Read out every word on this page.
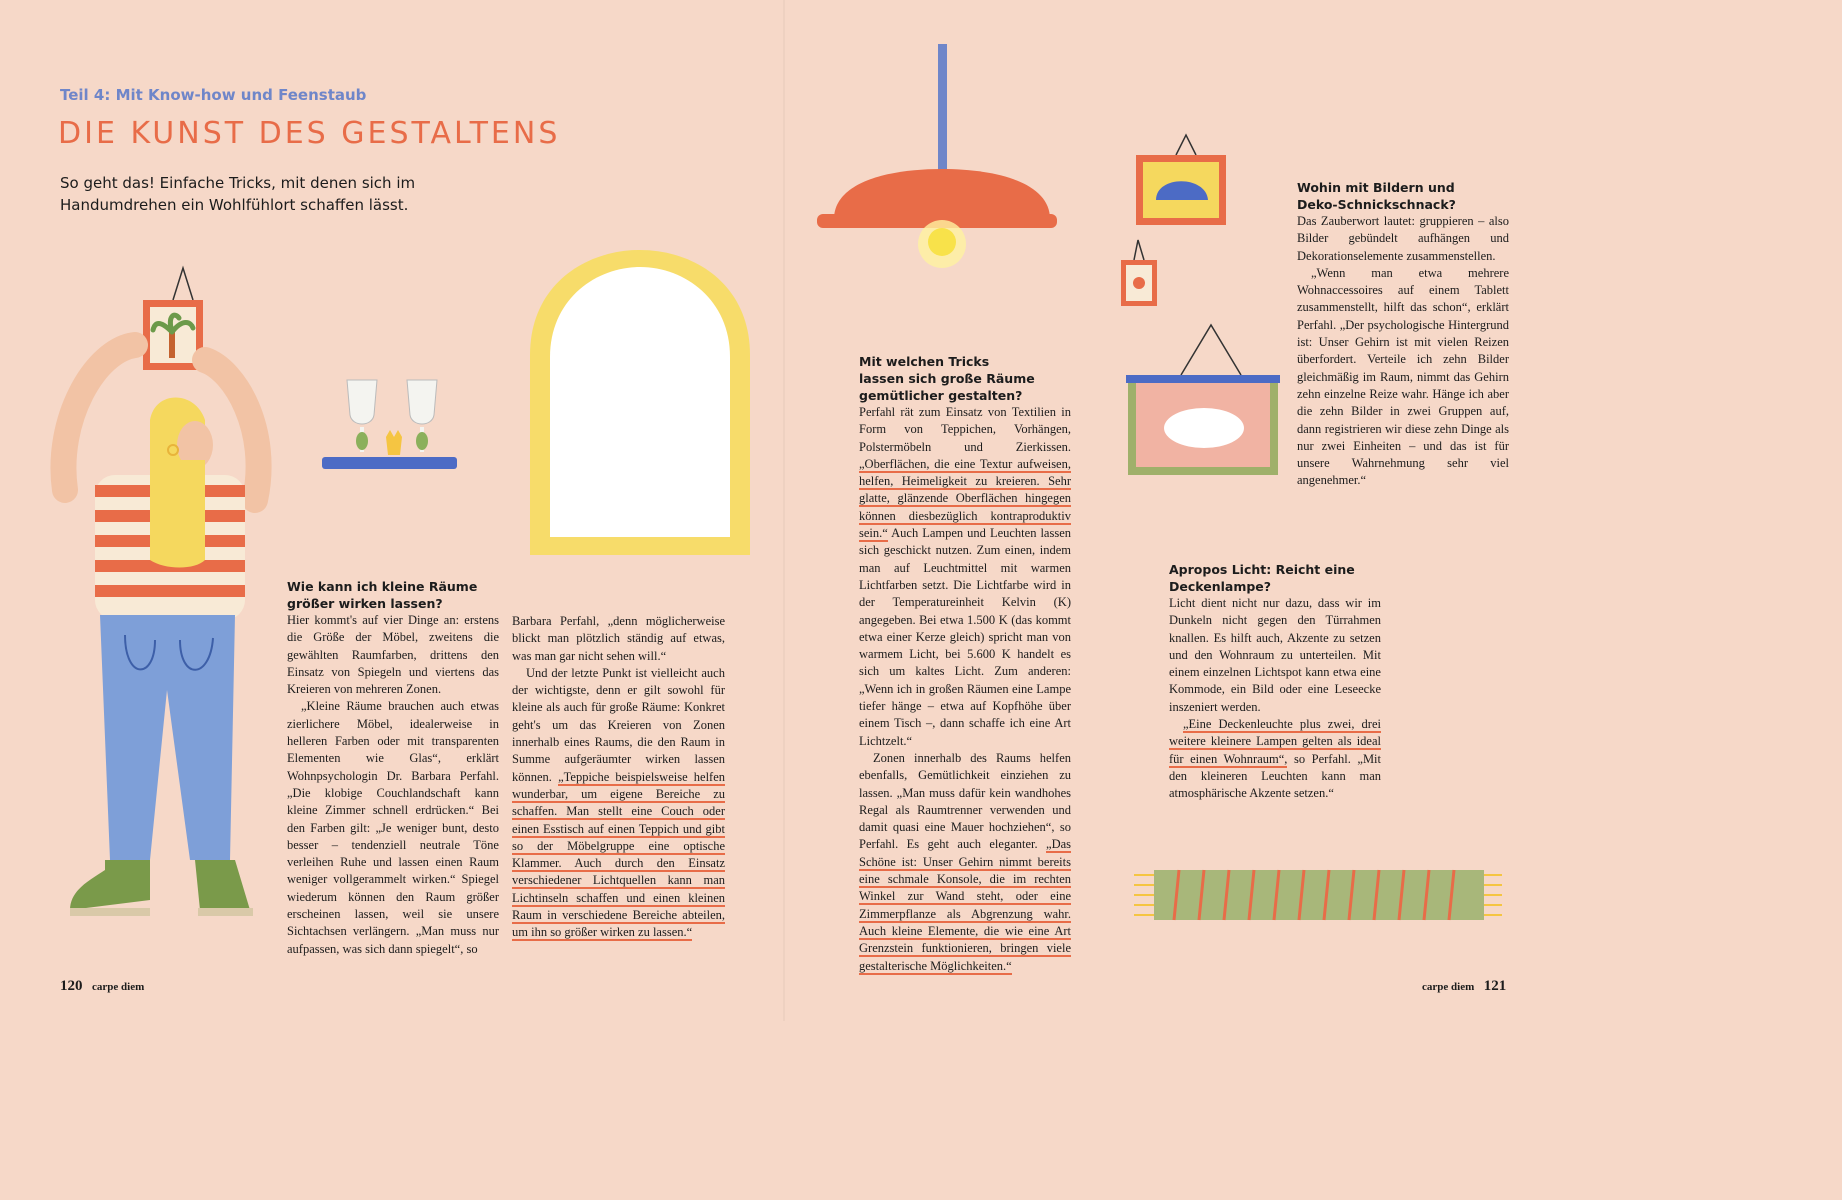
Teil 4: Mit Know-how und Feenstaub
DIE KUNST DES GESTALTENS
So geht das! Einfache Tricks, mit denen sich im Handumdrehen ein Wohlfühlort schaffen lässt.

Wie kann ich kleine Räume
größer wirken lassen?

Hier kommt's auf vier Dinge an: erstens die Größe der Möbel, zweitens die gewählten Raumfarben, drittens den Einsatz von Spiegeln und viertens das Kreieren von mehreren Zonen.

„Kleine Räume brauchen auch etwas zierlichere Möbel, idealerweise in helleren Farben oder mit transparenten Elementen wie Glas“, erklärt Wohnpsychologin Dr. Barbara Perfahl. „Die klobige Couchlandschaft kann kleine Zimmer schnell erdrücken.“ Bei den Farben gilt: „Je weniger bunt, desto besser – tendenziell neutrale Töne verleihen Ruhe und lassen einen Raum weniger vollgerammelt wirken.“ Spiegel wiederum können den Raum größer erscheinen lassen, weil sie unsere Sichtachsen verlängern. „Man muss nur aufpassen, was sich dann spiegelt“, so

Barbara Perfahl, „denn möglicherweise blickt man plötzlich ständig auf etwas, was man gar nicht sehen will.“

Und der letzte Punkt ist vielleicht auch der wichtigste, denn er gilt sowohl für kleine als auch für große Räume: Konkret geht's um das Kreieren von Zonen innerhalb eines Raums, die den Raum in Summe aufgeräumter wirken lassen können. „Teppiche beispielsweise helfen wunderbar, um eigene Bereiche zu schaffen. Man stellt eine Couch oder einen Esstisch auf einen Teppich und gibt so der Möbelgruppe eine optische Klammer. Auch durch den Einsatz verschiedener Lichtquellen kann man Lichtinseln schaffen und einen kleinen Raum in verschiedene Bereiche abteilen, um ihn so größer wirken zu lassen.“

120 carpe diem

Mit welchen Tricks
lassen sich große Räume
gemütlicher gestalten?

Perfahl rät zum Einsatz von Textilien in Form von Teppichen, Vorhängen, Polstermöbeln und Zierkissen. „Oberflächen, die eine Textur aufweisen, helfen, Heimeligkeit zu kreieren. Sehr glatte, glänzende Oberflächen hingegen können diesbezüglich kontraproduktiv sein.“ Auch Lampen und Leuchten lassen sich geschickt nutzen. Zum einen, indem man auf Leuchtmittel mit warmen Lichtfarben setzt. Die Lichtfarbe wird in der Temperatureinheit Kelvin (K) angegeben. Bei etwa 1.500 K (das kommt etwa einer Kerze gleich) spricht man von warmem Licht, bei 5.600 K handelt es sich um kaltes Licht. Zum anderen: „Wenn ich in großen Räumen eine Lampe tiefer hänge – etwa auf Kopfhöhe über einem Tisch –, dann schaffe ich eine Art Lichtzelt.“

Zonen innerhalb des Raums helfen ebenfalls, Gemütlichkeit einziehen zu lassen. „Man muss dafür kein wandhohes Regal als Raumtrenner verwenden und damit quasi eine Mauer hochziehen“, so Perfahl. Es geht auch eleganter. „Das Schöne ist: Unser Gehirn nimmt bereits eine schmale Konsole, die im rechten Winkel zur Wand steht, oder eine Zimmerpflanze als Abgrenzung wahr. Auch kleine Elemente, die wie eine Art Grenzstein funktionieren, bringen viele gestalterische Möglichkeiten.“

Wohin mit Bildern und
Deko-Schnickschnack?

Das Zauberwort lautet: gruppieren – also Bilder gebündelt aufhängen und Dekorationselemente zusammenstellen.

„Wenn man etwa mehrere Wohnaccessoires auf einem Tablett zusammenstellt, hilft das schon“, erklärt Perfahl. „Der psychologische Hintergrund ist: Unser Gehirn ist mit vielen Reizen überfordert. Verteile ich zehn Bilder gleichmäßig im Raum, nimmt das Gehirn zehn einzelne Reize wahr. Hänge ich aber die zehn Bilder in zwei Gruppen auf, dann registrieren wir diese zehn Dinge als nur zwei Einheiten – und das ist für unsere Wahrnehmung sehr viel angenehmer.“

Apropos Licht: Reicht eine
Deckenlampe?

Licht dient nicht nur dazu, dass wir im Dunkeln nicht gegen den Türrahmen knallen. Es hilft auch, Akzente zu setzen und den Wohnraum zu unterteilen. Mit einem einzelnen Lichtspot kann etwa eine Kommode, ein Bild oder eine Leseecke inszeniert werden.

„Eine Deckenleuchte plus zwei, drei weitere kleinere Lampen gelten als ideal für einen Wohnraum“, so Perfahl. „Mit den kleineren Leuchten kann man atmosphärische Akzente setzen.“

carpe diem 121
